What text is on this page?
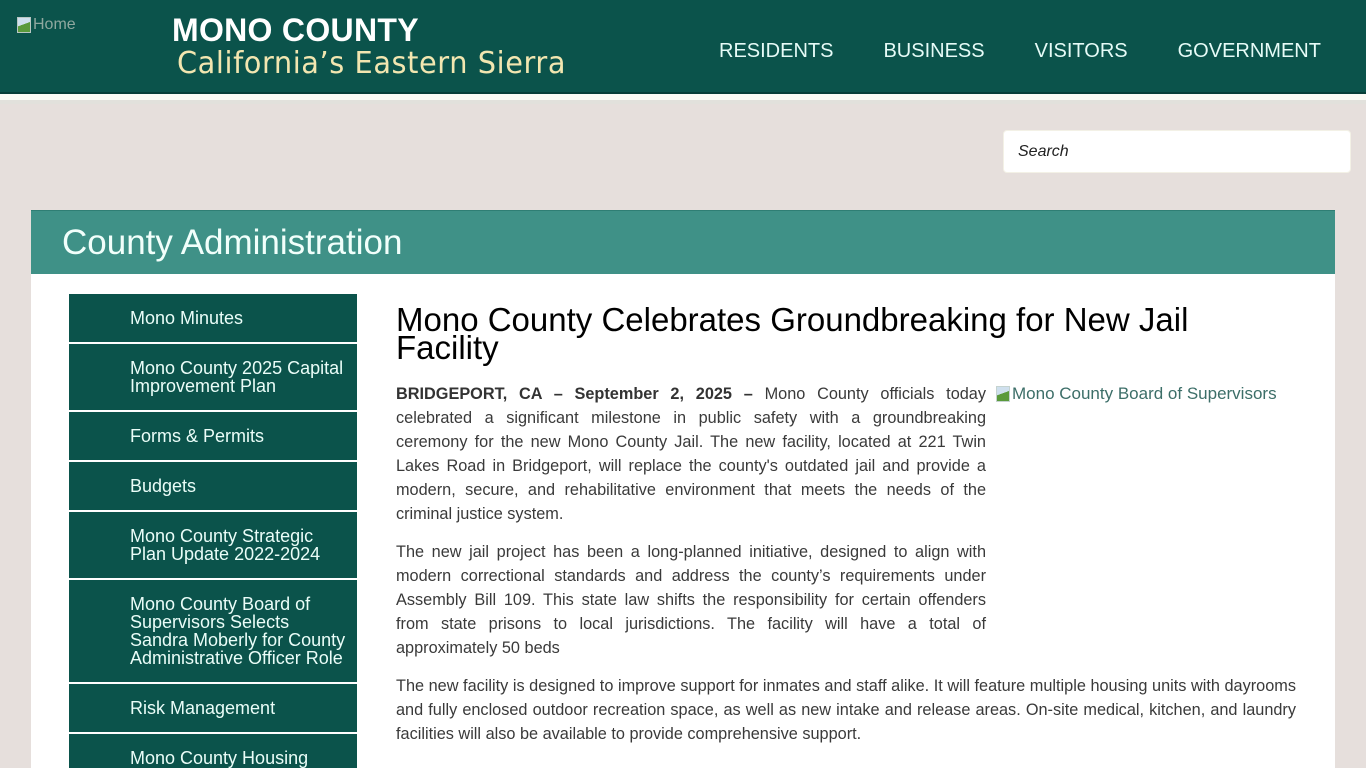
Home	MONO COUNTY
California’s Eastern Sierra	RESIDENTS	BUSINESS	VISITORS	GOVERNMENT
Search
County Administration
Mono Minutes
Mono County 2025 Capital Improvement Plan
Forms & Permits
Budgets
Mono County Strategic Plan Update 2022-2024
Mono County Board of Supervisors Selects Sandra Moberly for County Administrative Officer Role
Risk Management
Mono County Housing
Mono County Celebrates Groundbreaking for New Jail Facility
Mono County Board of Supervisors

BRIDGEPORT, CA – September 2, 2025 – Mono County officials today celebrated a significant milestone in public safety with a groundbreaking ceremony for the new Mono County Jail. The new facility, located at 221 Twin Lakes Road in Bridgeport, will replace the county's outdated jail and provide a modern, secure, and rehabilitative environment that meets the needs of the criminal justice system.

The new jail project has been a long-planned initiative, designed to align with modern correctional standards and address the county’s requirements under Assembly Bill 109. This state law shifts the responsibility for certain offenders from state prisons to local jurisdictions. The facility will have a total of approximately 50 beds

The new facility is designed to improve support for inmates and staff alike. It will feature multiple housing units with dayrooms and fully enclosed outdoor recreation space, as well as new intake and release areas. On-site medical, kitchen, and laundry facilities will also be available to provide comprehensive support.
